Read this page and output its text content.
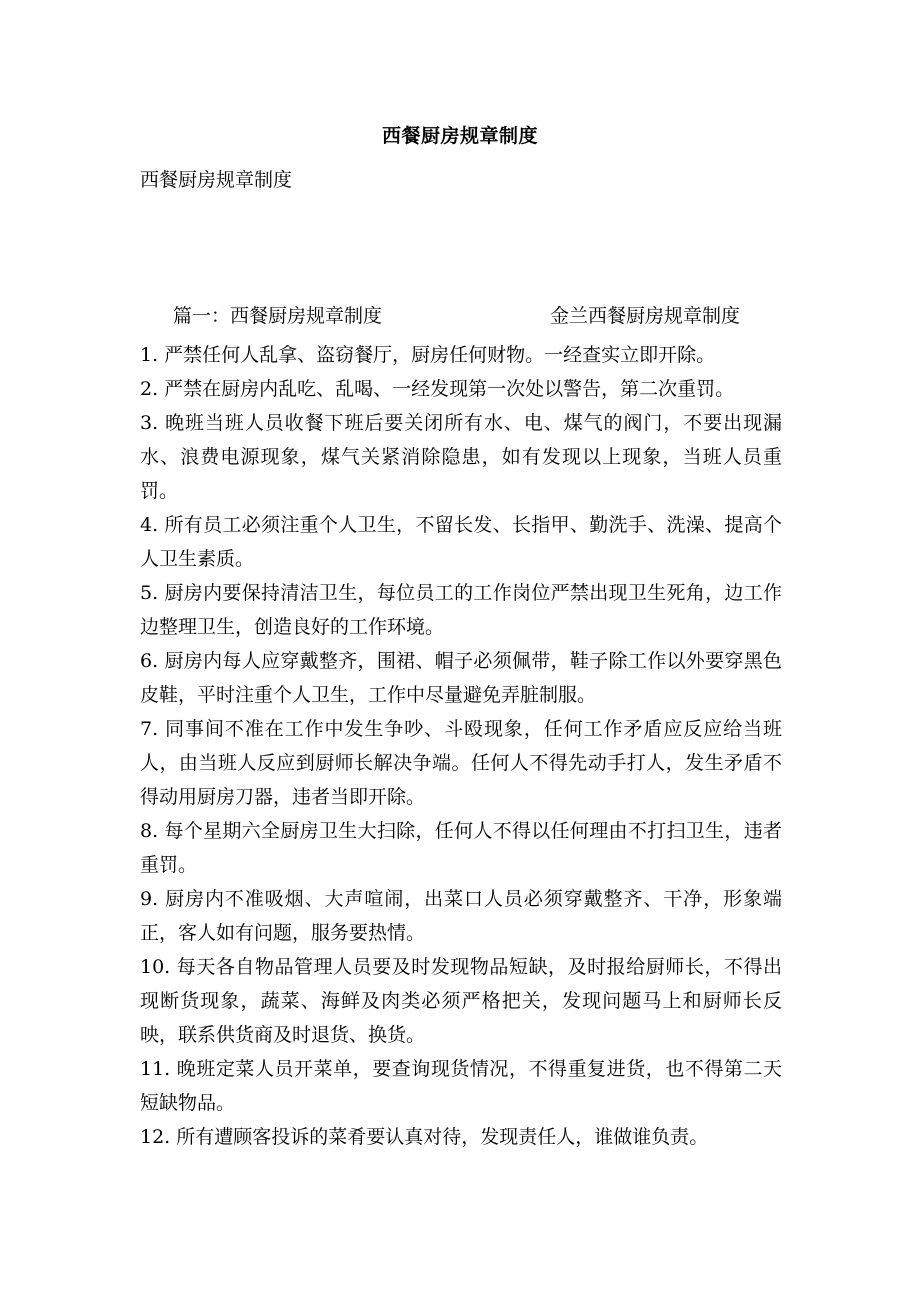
西餐厨房规章制度
西餐厨房规章制度
篇一：西餐厨房规章制度	金兰西餐厨房规章制度

1. 严禁任何人乱拿、盗窃餐厅，厨房任何财物。一经查实立即开除。

2. 严禁在厨房内乱吃、乱喝、一经发现第一次处以警告，第二次重罚。

3. 晚班当班人员收餐下班后要关闭所有水、电、煤气的阀门，不要出现漏水、浪费电源现象，煤气关紧消除隐患，如有发现以上现象，当班人员重罚。

4. 所有员工必须注重个人卫生，不留长发、长指甲、勤洗手、洗澡、提高个人卫生素质。

5. 厨房内要保持清洁卫生，每位员工的工作岗位严禁出现卫生死角，边工作边整理卫生，创造良好的工作环境。

6. 厨房内每人应穿戴整齐，围裙、帽子必须佩带，鞋子除工作以外要穿黑色皮鞋，平时注重个人卫生，工作中尽量避免弄脏制服。

7. 同事间不准在工作中发生争吵、斗殴现象，任何工作矛盾应反应给当班人，由当班人反应到厨师长解决争端。任何人不得先动手打人，发生矛盾不得动用厨房刀器，违者当即开除。

8. 每个星期六全厨房卫生大扫除，任何人不得以任何理由不打扫卫生，违者重罚。

9. 厨房内不准吸烟、大声喧闹，出菜口人员必须穿戴整齐、干净，形象端正，客人如有问题，服务要热情。

10. 每天各自物品管理人员要及时发现物品短缺，及时报给厨师长，不得出现断货现象，蔬菜、海鲜及肉类必须严格把关，发现问题马上和厨师长反映，联系供货商及时退货、换货。

11. 晚班定菜人员开菜单，要查询现货情况，不得重复进货，也不得第二天短缺物品。

12. 所有遭顾客投诉的菜肴要认真对待，发现责任人，谁做谁负责。
